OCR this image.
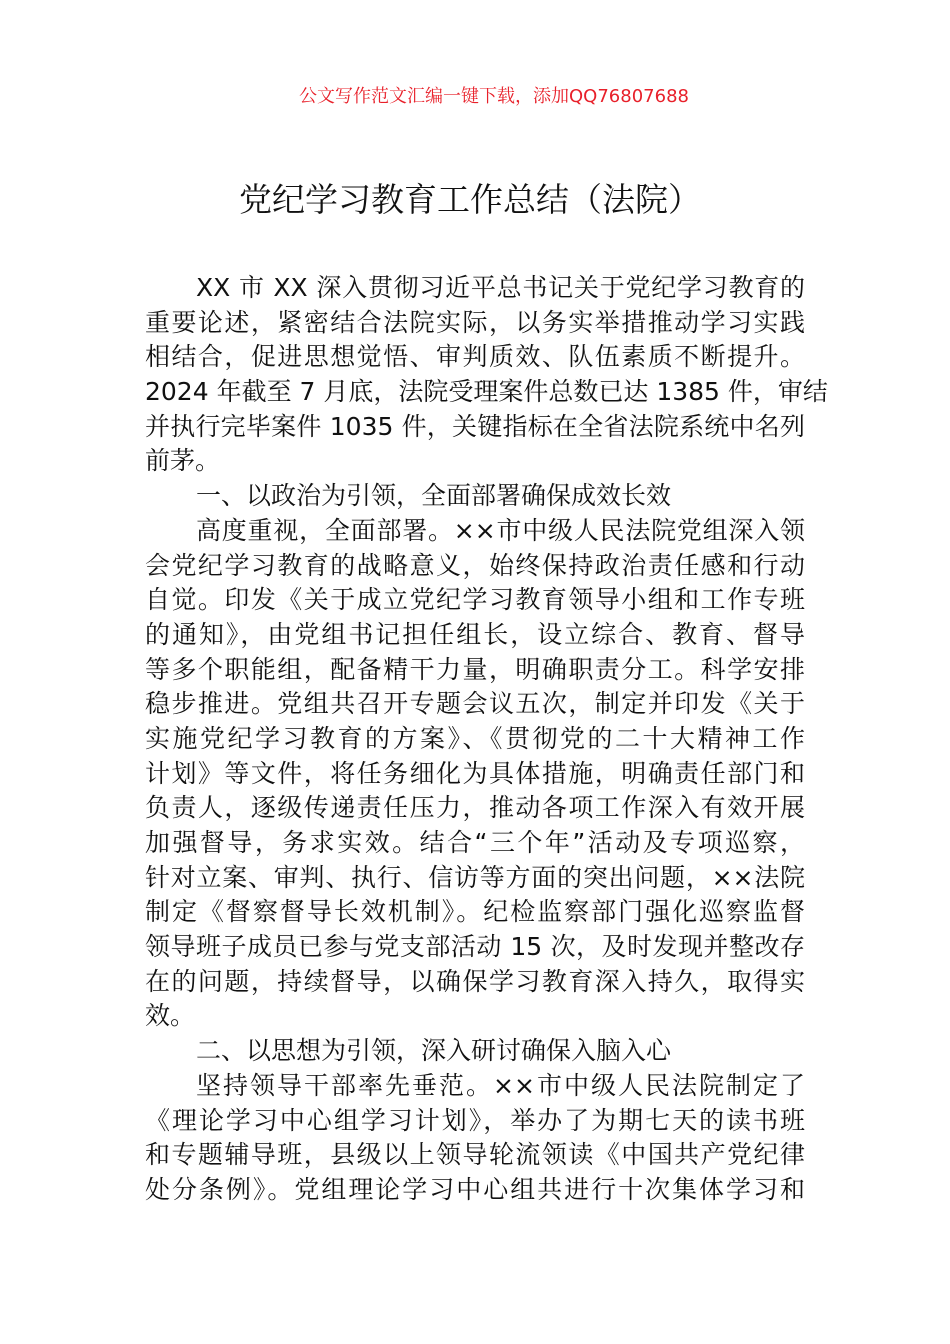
公文写作范文汇编一键下载，添加QQ76807688
党纪学习教育工作总结（法院）
XX 市 XX 深入贯彻习近平总书记关于党纪学习教育的
重要论述，紧密结合法院实际，以务实举措推动学习实践
相结合，促进思想觉悟、审判质效、队伍素质不断提升。
2024 年截至 7 月底，法院受理案件总数已达 1385 件，审结
并执行完毕案件 1035 件，关键指标在全省法院系统中名列
前茅。
一、以政治为引领，全面部署确保成效长效
高度重视，全面部署。××市中级人民法院党组深入领
会党纪学习教育的战略意义，始终保持政治责任感和行动
自觉。印发《关于成立党纪学习教育领导小组和工作专班
的通知》，由党组书记担任组长，设立综合、教育、督导
等多个职能组，配备精干力量，明确职责分工。科学安排
稳步推进。党组共召开专题会议五次，制定并印发《关于
实施党纪学习教育的方案》、《贯彻党的二十大精神工作
计划》等文件，将任务细化为具体措施，明确责任部门和
负责人，逐级传递责任压力，推动各项工作深入有效开展
加强督导，务求实效。结合“三个年”活动及专项巡察，
针对立案、审判、执行、信访等方面的突出问题，××法院
制定《督察督导长效机制》。纪检监察部门强化巡察监督
领导班子成员已参与党支部活动 15 次，及时发现并整改存
在的问题，持续督导，以确保学习教育深入持久，取得实
效。
二、以思想为引领，深入研讨确保入脑入心
坚持领导干部率先垂范。××市中级人民法院制定了
《理论学习中心组学习计划》，举办了为期七天的读书班
和专题辅导班，县级以上领导轮流领读《中国共产党纪律
处分条例》。党组理论学习中心组共进行十次集体学习和
